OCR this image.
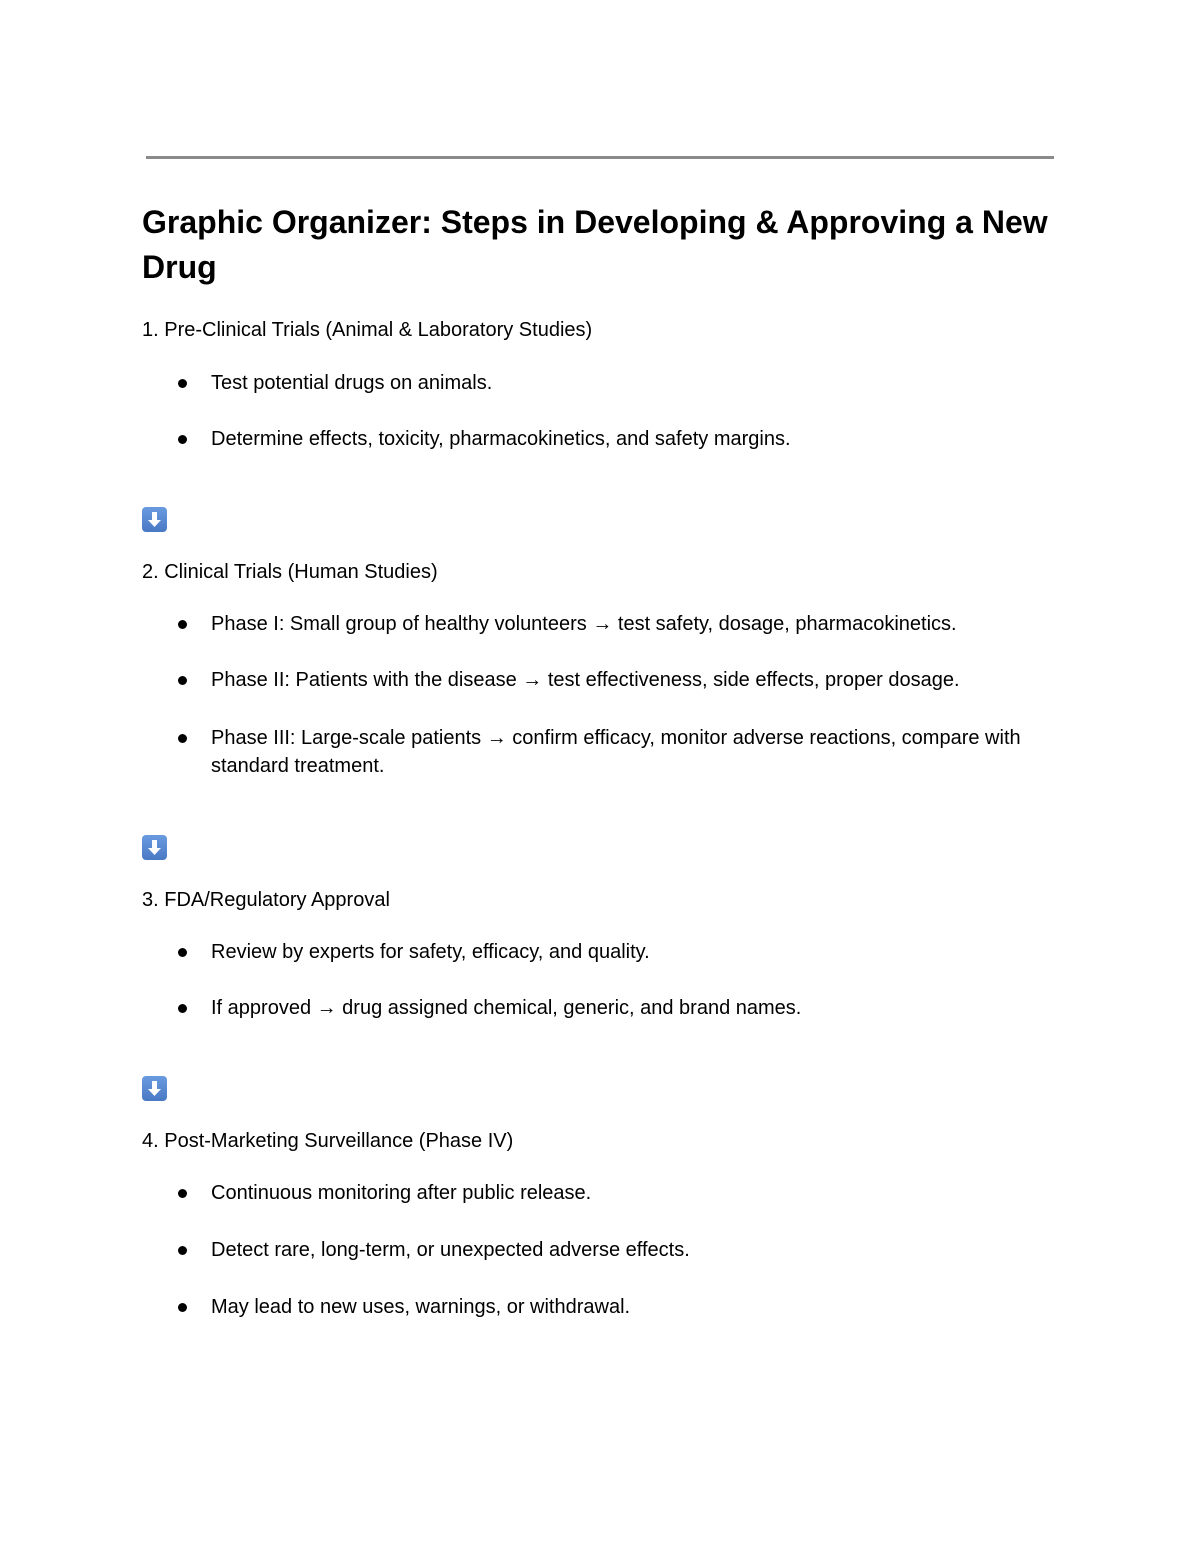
Graphic Organizer: Steps in Developing & Approving a New Drug
1. Pre-Clinical Trials (Animal & Laboratory Studies)
Test potential drugs on animals.
Determine effects, toxicity, pharmacokinetics, and safety margins.
2. Clinical Trials (Human Studies)
Phase I: Small group of healthy volunteers → test safety, dosage, pharmacokinetics.
Phase II: Patients with the disease → test effectiveness, side effects, proper dosage.
Phase III: Large-scale patients → confirm efficacy, monitor adverse reactions, compare with standard treatment.
3. FDA/Regulatory Approval
Review by experts for safety, efficacy, and quality.
If approved → drug assigned chemical, generic, and brand names.
4. Post-Marketing Surveillance (Phase IV)
Continuous monitoring after public release.
Detect rare, long-term, or unexpected adverse effects.
May lead to new uses, warnings, or withdrawal.
